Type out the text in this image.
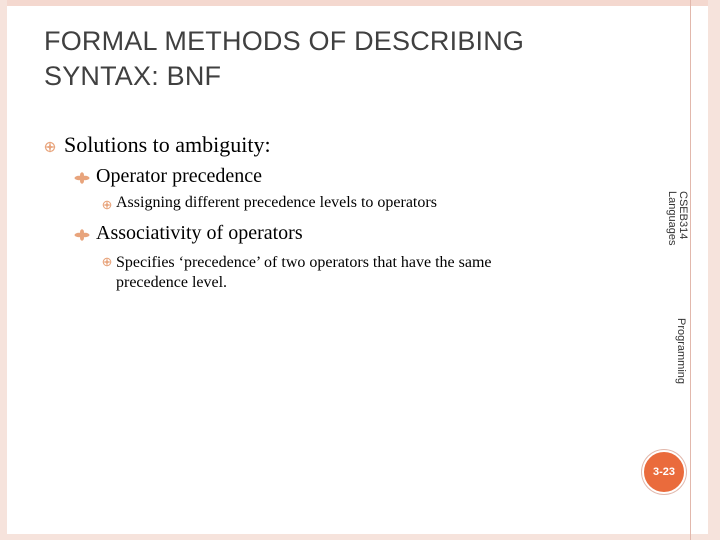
FORMAL METHODS OF DESCRIBING SYNTAX: BNF
Solutions to ambiguity:
Operator precedence
Assigning different precedence levels to operators
Associativity of operators
Specifies ‘precedence’ of two operators that have the same precedence level.
CSEB314
Languages
Programming
3-23
